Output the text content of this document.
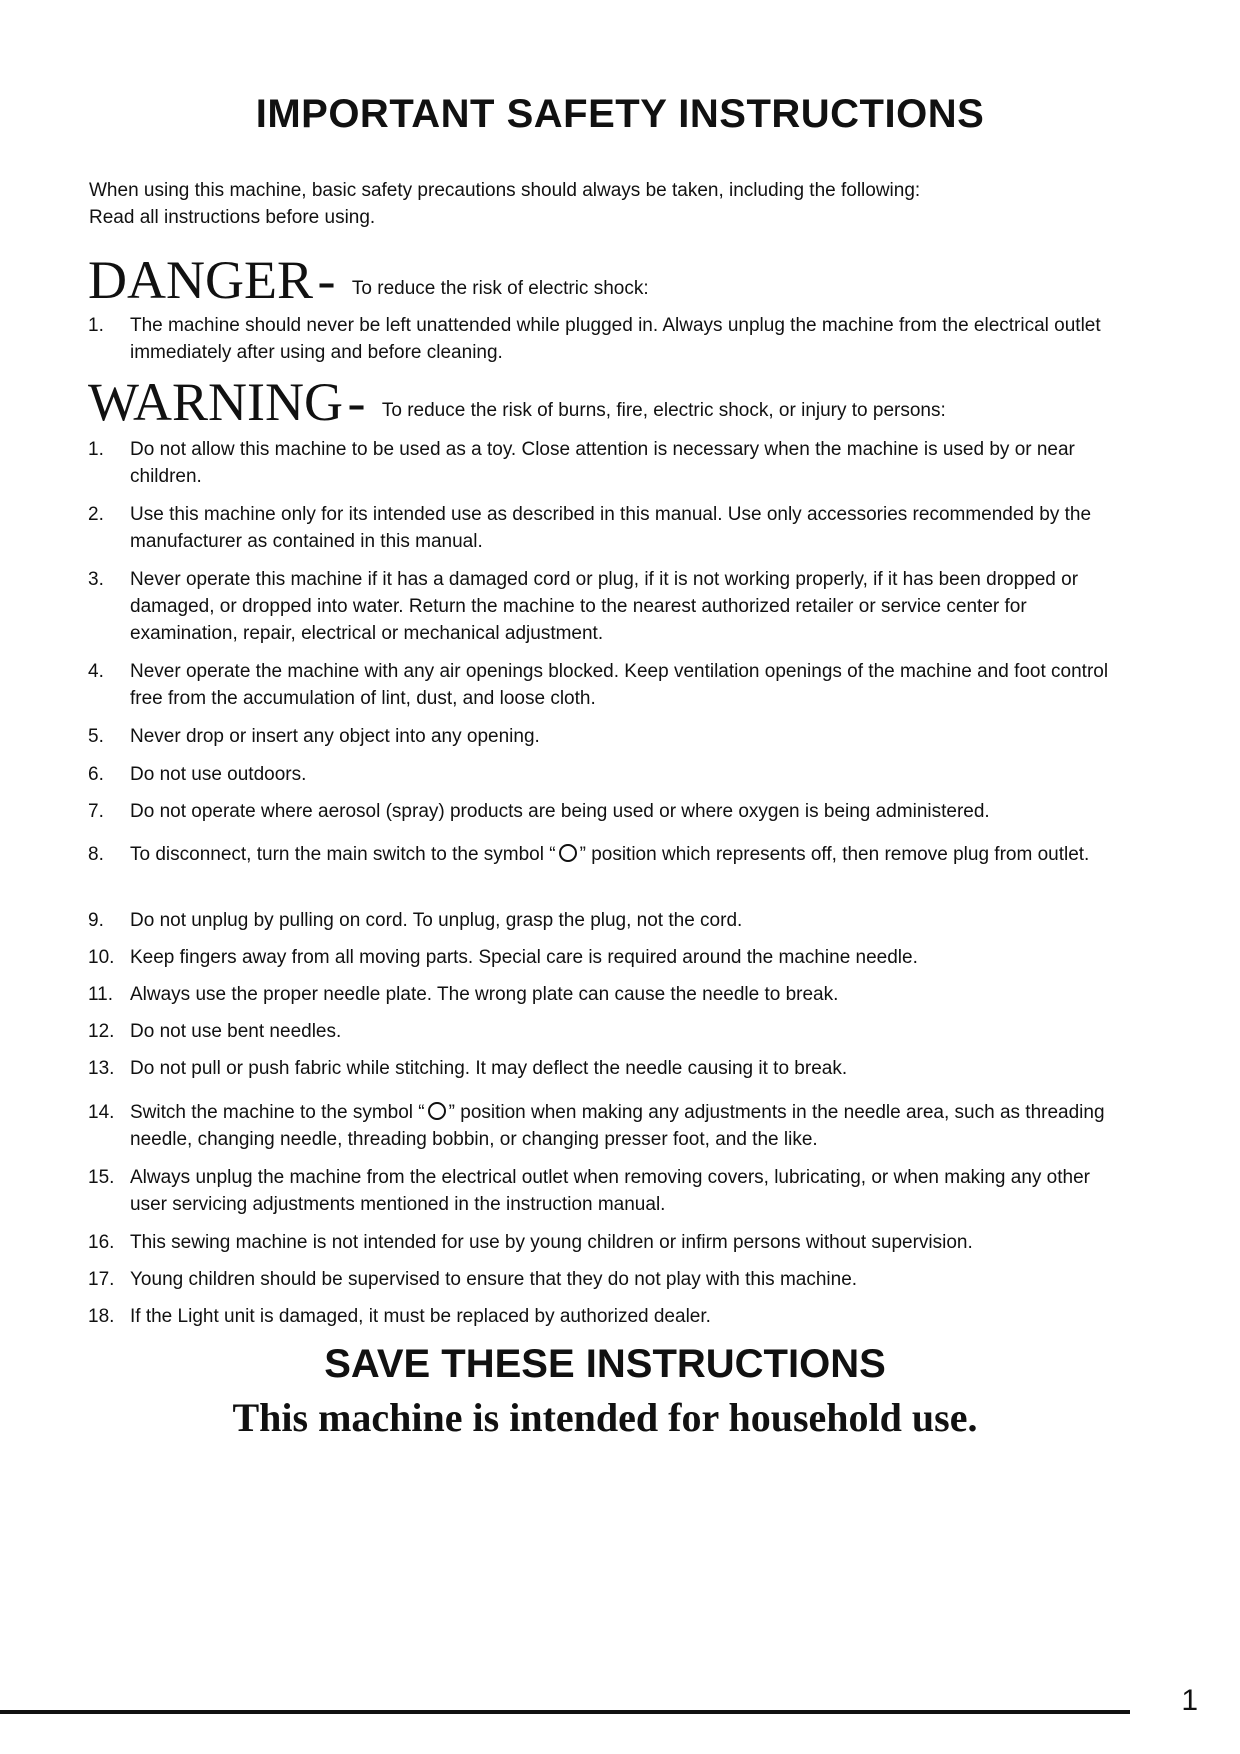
IMPORTANT SAFETY INSTRUCTIONS

When using this machine, basic safety precautions should always be taken, including the following:

Read all instructions before using.

DANGER - To reduce the risk of electric shock:
1. The machine should never be left unattended while plugged in. Always unplug the machine from the electrical outlet immediately after using and before cleaning.
WARNING - To reduce the risk of burns, fire, electric shock, or injury to persons:
1. Do not allow this machine to be used as a toy. Close attention is necessary when the machine is used by or near children.
2. Use this machine only for its intended use as described in this manual. Use only accessories recommended by the manufacturer as contained in this manual.
3. Never operate this machine if it has a damaged cord or plug, if it is not working properly, if it has been dropped or damaged, or dropped into water. Return the machine to the nearest authorized retailer or service center for examination, repair, electrical or mechanical adjustment.
4. Never operate the machine with any air openings blocked. Keep ventilation openings of the machine and foot control free from the accumulation of lint, dust, and loose cloth.
5. Never drop or insert any object into any opening.
6. Do not use outdoors.
7. Do not operate where aerosol (spray) products are being used or where oxygen is being administered.
8. To disconnect, turn the main switch to the symbol “ ” position which represents off, then remove plug from outlet.
9. Do not unplug by pulling on cord. To unplug, grasp the plug, not the cord.
10. Keep fingers away from all moving parts. Special care is required around the machine needle.
11. Always use the proper needle plate. The wrong plate can cause the needle to break.
12. Do not use bent needles.
13. Do not pull or push fabric while stitching. It may deflect the needle causing it to break.
14. Switch the machine to the symbol “ ” position when making any adjustments in the needle area, such as threading needle, changing needle, threading bobbin, or changing presser foot, and the like.
15. Always unplug the machine from the electrical outlet when removing covers, lubricating, or when making any other user servicing adjustments mentioned in the instruction manual.
16. This sewing machine is not intended for use by young children or infirm persons without supervision.
17. Young children should be supervised to ensure that they do not play with this machine.
18. If the Light unit is damaged, it must be replaced by authorized dealer.
SAVE THESE INSTRUCTIONS
This machine is intended for household use.
1
